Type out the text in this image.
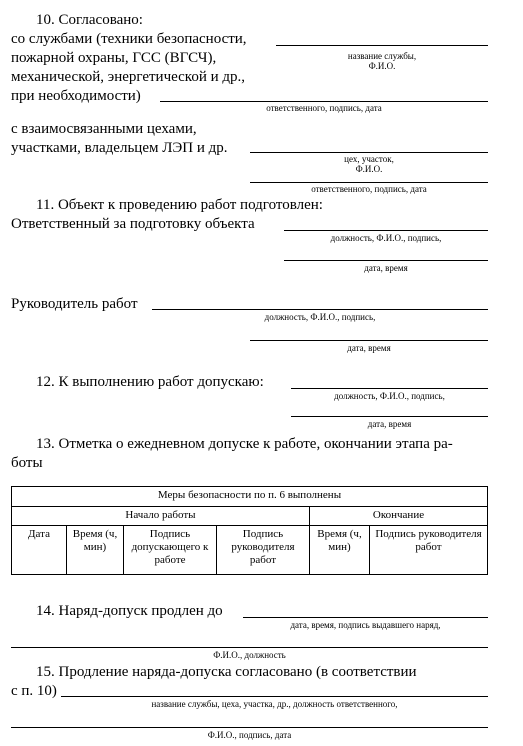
10. Согласовано:
со службами (техники безопасности,
пожарной охраны, ГСС (ВГСЧ),	название службы,
Ф.И.О.
механической, энергетической и др.,
при необходимости)
ответственного, подпись, дата
с взаимосвязанными цехами,
участками, владельцем ЛЭП и др.
цех, участок,
Ф.И.О.
ответственного, подпись, дата
11. Объект к проведению работ подготовлен:
Ответственный за подготовку объекта
должность, Ф.И.О., подпись,
дата, время
Руководитель работ
должность, Ф.И.О., подпись,
дата, время
12. К выполнению работ допускаю:
должность, Ф.И.О., подпись,
дата, время
13. Отметка о ежедневном допуске к работе, окончании этапа ра-
боты
Меры безопасности по п. 6 выполнены					
Начало работы				Окончание	
Дата	Время (ч, мин)	Подпись допускающего к работе	Подпись руководителя работ	Время (ч, мин)	Подпись руководителя работ
14. Наряд-допуск продлен до
дата, время, подпись выдавшего наряд,
Ф.И.О., должность
15. Продление наряда-допуска согласовано (в соответствии
с п. 10)
название службы, цеха, участка, др., должность ответственного,
Ф.И.О., подпись, дата
